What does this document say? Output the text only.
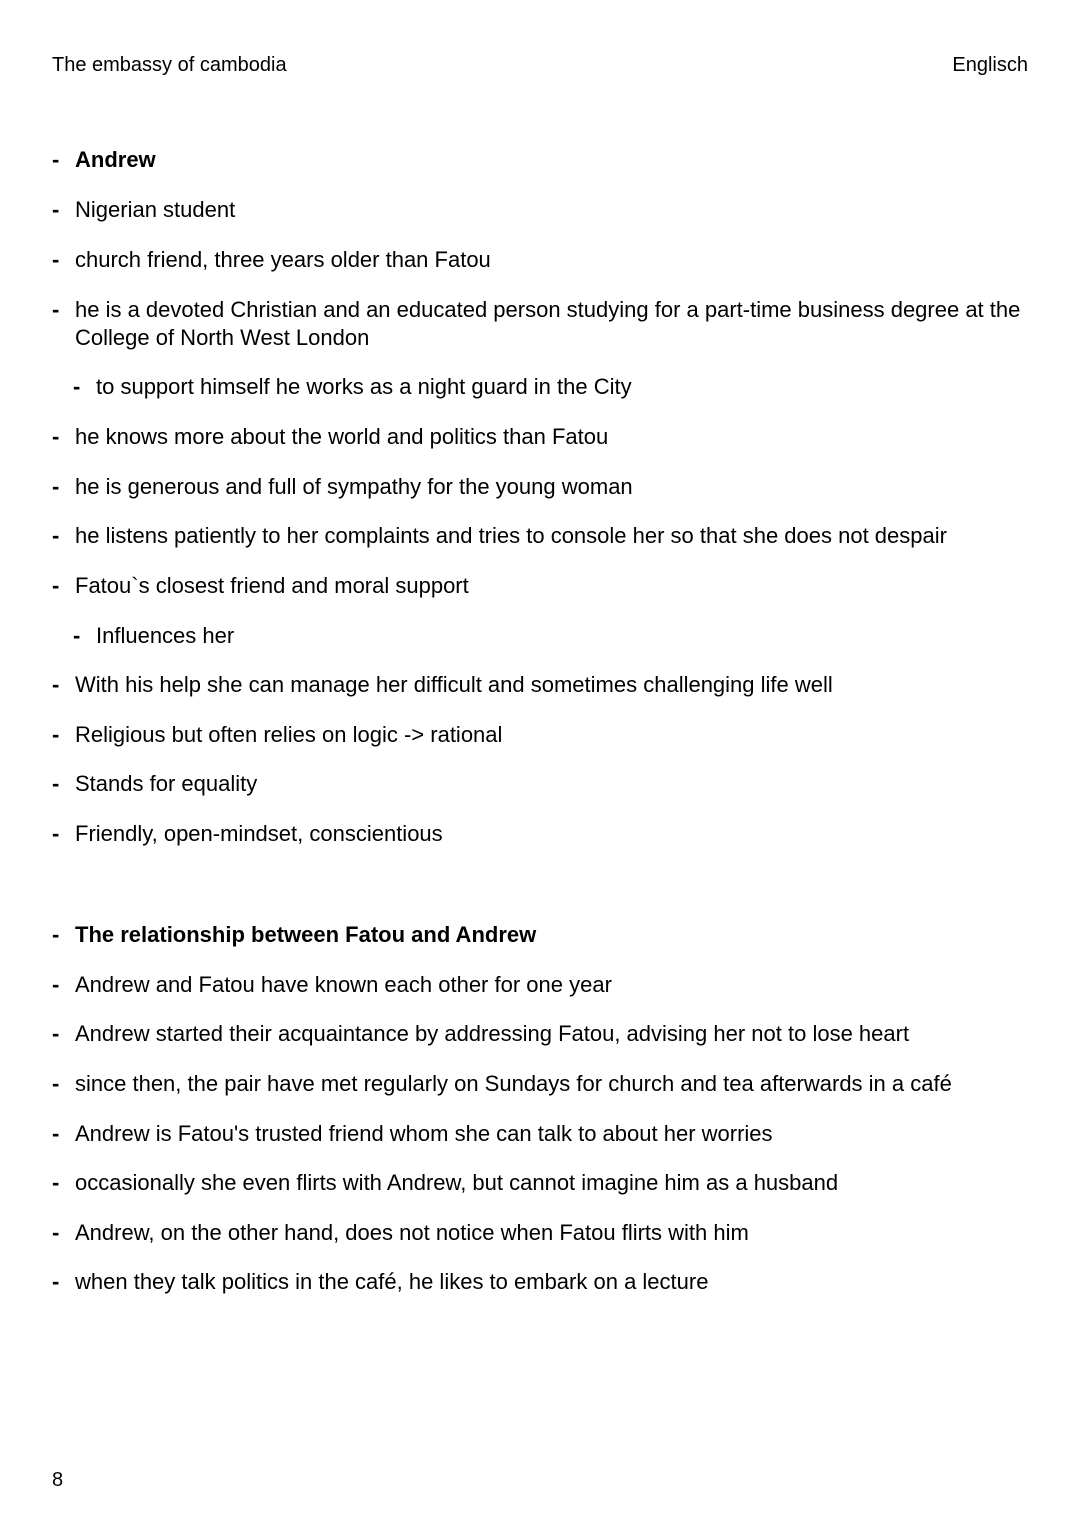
The embassy of cambodia	Englisch
- Andrew
- Nigerian student
- church friend, three years older than Fatou
- he is a devoted Christian and an educated person studying for a part-time business degree at the College of North West London
- to support himself he works as a night guard in the City
- he knows more about the world and politics than Fatou
- he is generous and full of sympathy for the young woman
- he listens patiently to her complaints and tries to console her so that she does not despair
- Fatou`s closest friend and moral support
- Influences her
- With his help she can manage her difficult and sometimes challenging life well
- Religious but often relies on logic -> rational
- Stands for equality
- Friendly, open-mindset, conscientious
- The relationship between Fatou and Andrew
- Andrew and Fatou have known each other for one year
- Andrew started their acquaintance by addressing Fatou, advising her not to lose heart
- since then, the pair have met regularly on Sundays for church and tea afterwards in a café
- Andrew is Fatou's trusted friend whom she can talk to about her worries
- occasionally she even flirts with Andrew, but cannot imagine him as a husband
- Andrew, on the other hand, does not notice when Fatou flirts with him
- when they talk politics in the café, he likes to embark on a lecture
8
